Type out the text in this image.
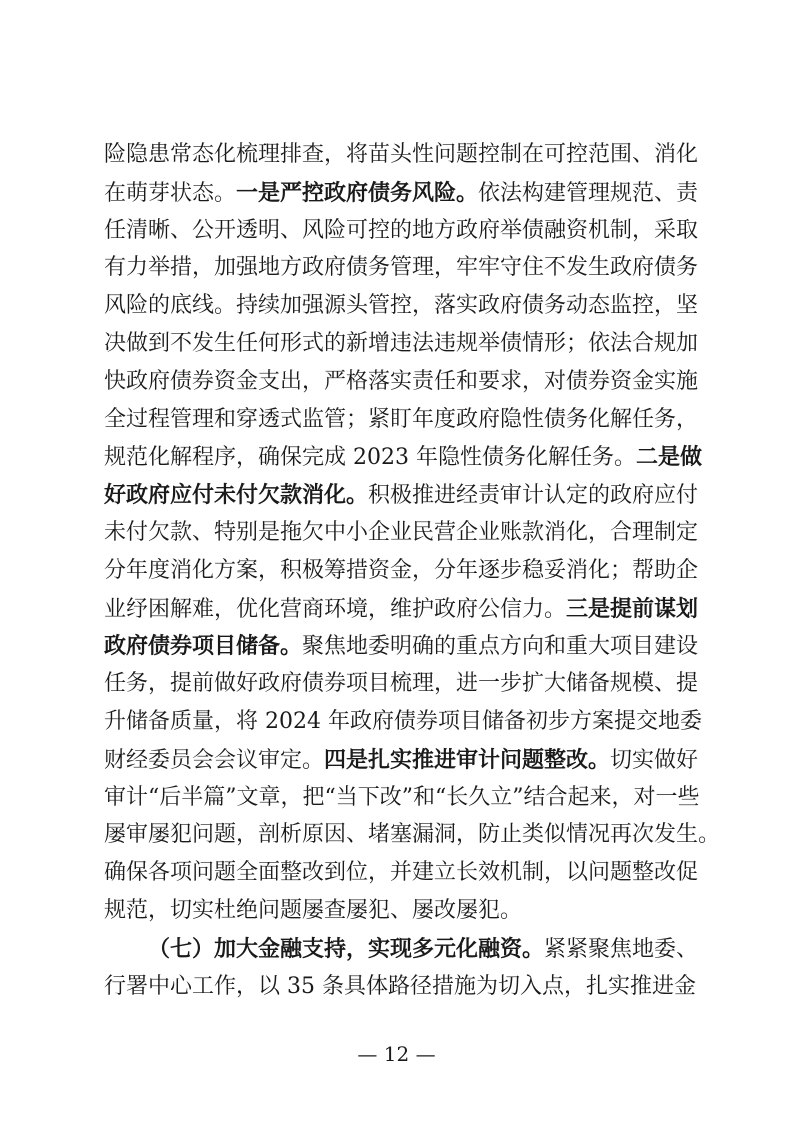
险隐患常态化梳理排查，将苗头性问题控制在可控范围、消化
在萌芽状态。一是严控政府债务风险。依法构建管理规范、责
任清晰、公开透明、风险可控的地方政府举债融资机制，采取
有力举措，加强地方政府债务管理，牢牢守住不发生政府债务
风险的底线。持续加强源头管控，落实政府债务动态监控，坚
决做到不发生任何形式的新增违法违规举债情形；依法合规加
快政府债券资金支出，严格落实责任和要求，对债券资金实施
全过程管理和穿透式监管；紧盯年度政府隐性债务化解任务，
规范化解程序，确保完成 2023 年隐性债务化解任务。二是做
好政府应付未付欠款消化。积极推进经责审计认定的政府应付
未付欠款、特别是拖欠中小企业民营企业账款消化，合理制定
分年度消化方案，积极筹措资金，分年逐步稳妥消化；帮助企
业纾困解难，优化营商环境，维护政府公信力。三是提前谋划
政府债券项目储备。聚焦地委明确的重点方向和重大项目建设
任务，提前做好政府债券项目梳理，进一步扩大储备规模、提
升储备质量，将 2024 年政府债券项目储备初步方案提交地委
财经委员会会议审定。四是扎实推进审计问题整改。切实做好
审计“后半篇”文章，把“当下改”和“长久立”结合起来，对一些
屡审屡犯问题，剖析原因、堵塞漏洞，防止类似情况再次发生。
确保各项问题全面整改到位，并建立长效机制，以问题整改促
规范，切实杜绝问题屡查屡犯、屡改屡犯。
（七）加大金融支持，实现多元化融资。紧紧聚焦地委、
行署中心工作，以 35 条具体路径措施为切入点，扎实推进金
— 12 —
